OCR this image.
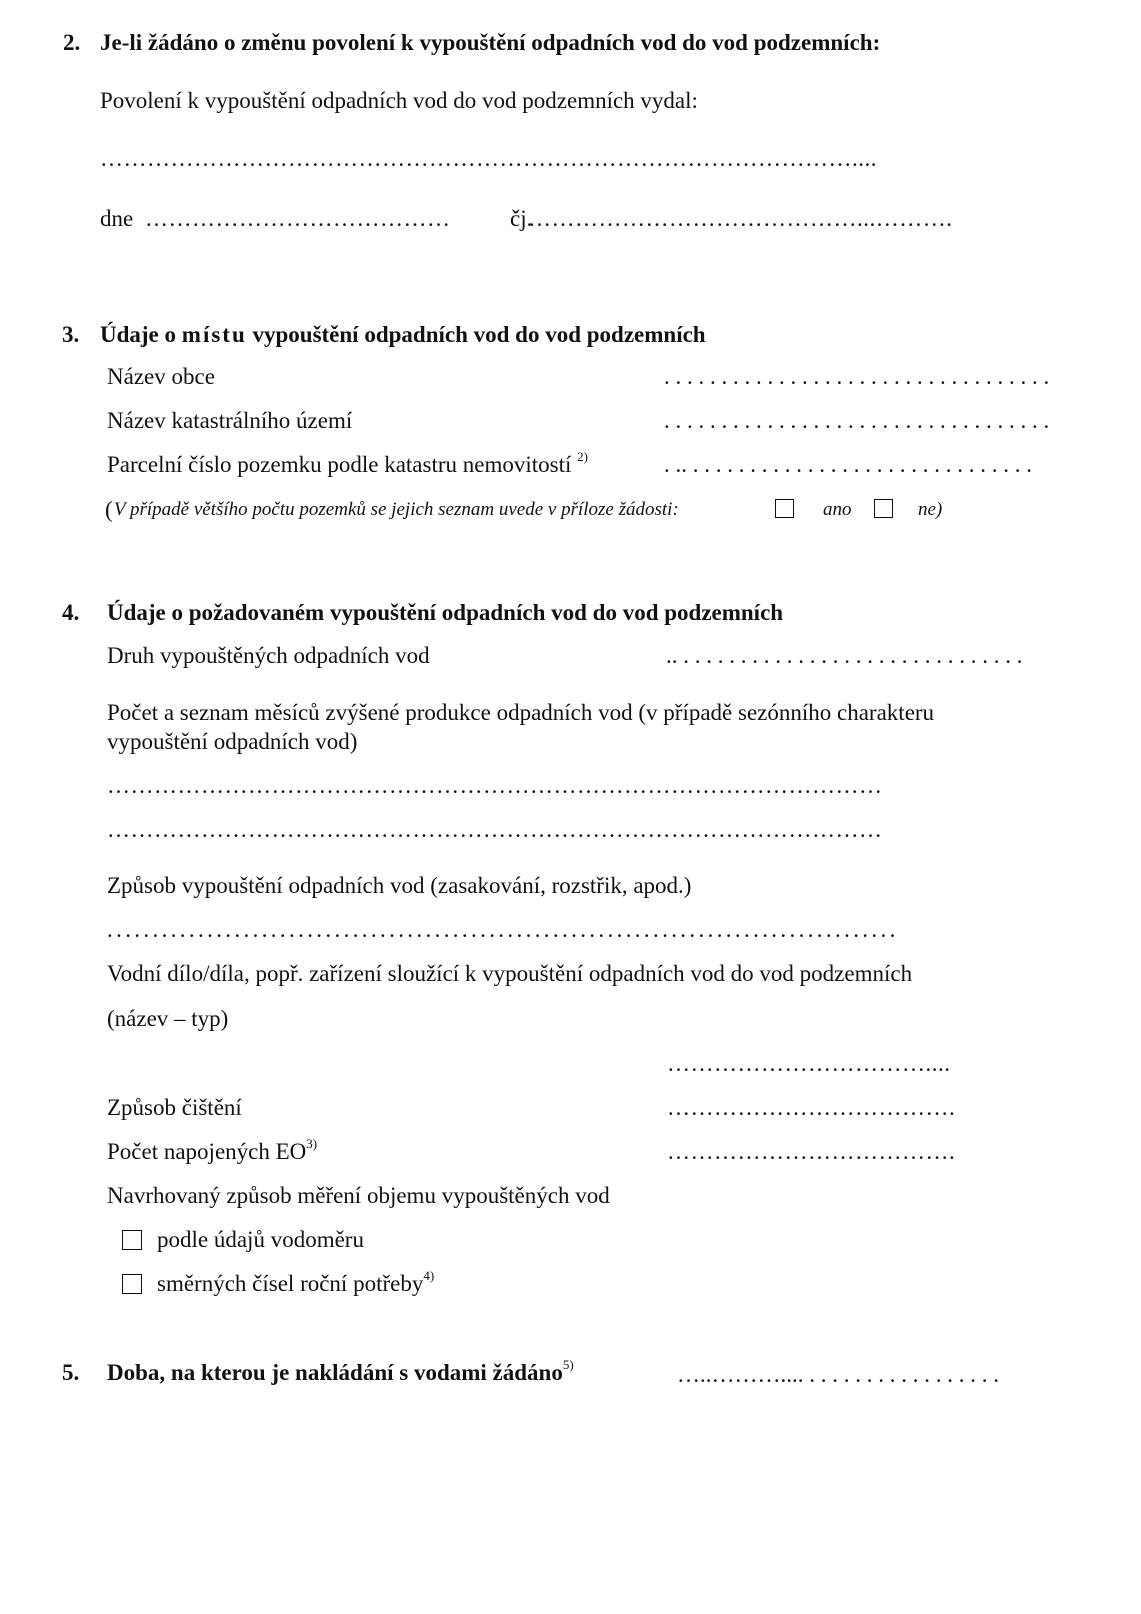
2. Je-li žádáno o změnu povolení k vypouštění odpadních vod do vod podzemních:
Povolení k vypouštění odpadních vod do vod podzemních vydal:
……………………………………………………………………………………....
dne …………………………………	čj.
……………………………………...……….
3. Údaje o místu vypouštění odpadních vod do vod podzemních
Název obce	. . . . . . . . . . . . . . . . . . . . . . . . . . . . . . . . . .
Název katastrálního území	. . . . . . . . . . . . . . . . . . . . . . . . . . . . . . . . . .
Parcelní číslo pozemku podle katastru nemovitostí $^{2)}$	. .. . . . . . . . . . . . . . . . . . . . . . . . . . . . . . .
( V případě většího počtu pozemků se jejich seznam uvede v příloze žádosti:	ano	ne)
4. Údaje o požadovaném vypouštění odpadních vod do vod podzemních
Druh vypouštěných odpadních vod	.. . . . . . . . . . . . . . . . . . . . . . . . . . . . . . .
Počet a seznam měsíců zvýšené produkce odpadních vod (v případě sezónního charakteru
vypouštění odpadních vod)
………………………………………………………………………………………
………………………………………………………………………………………
Způsob vypouštění odpadních vod (zasakování, rozstřik, apod.)
. . . . . . . . . . . . . . . . . . . . . . . . . . . . . . . . . . . . . . . . . . . . . . . . . . . . . . . . . . . . . . . . . . . . . . . . . . . . . . . . . . . . . . .
Vodní dílo/díla, popř. zařízení sloužící k vypouštění odpadních vod do vod podzemních
(název – typ)
……………………………....
Způsob čištění	……………………………….
Počet napojených EO$^{3)}$	……………………………….
Navrhovaný způsob měření objemu vypouštěných vod
podle údajů vodoměru
směrných čísel roční potřeby$^{4)}$
5. Doba, na kterou je nakládání s vodami žádáno$^{5)}$	…..……….... . . . . . . . . . . . . . . . . .
